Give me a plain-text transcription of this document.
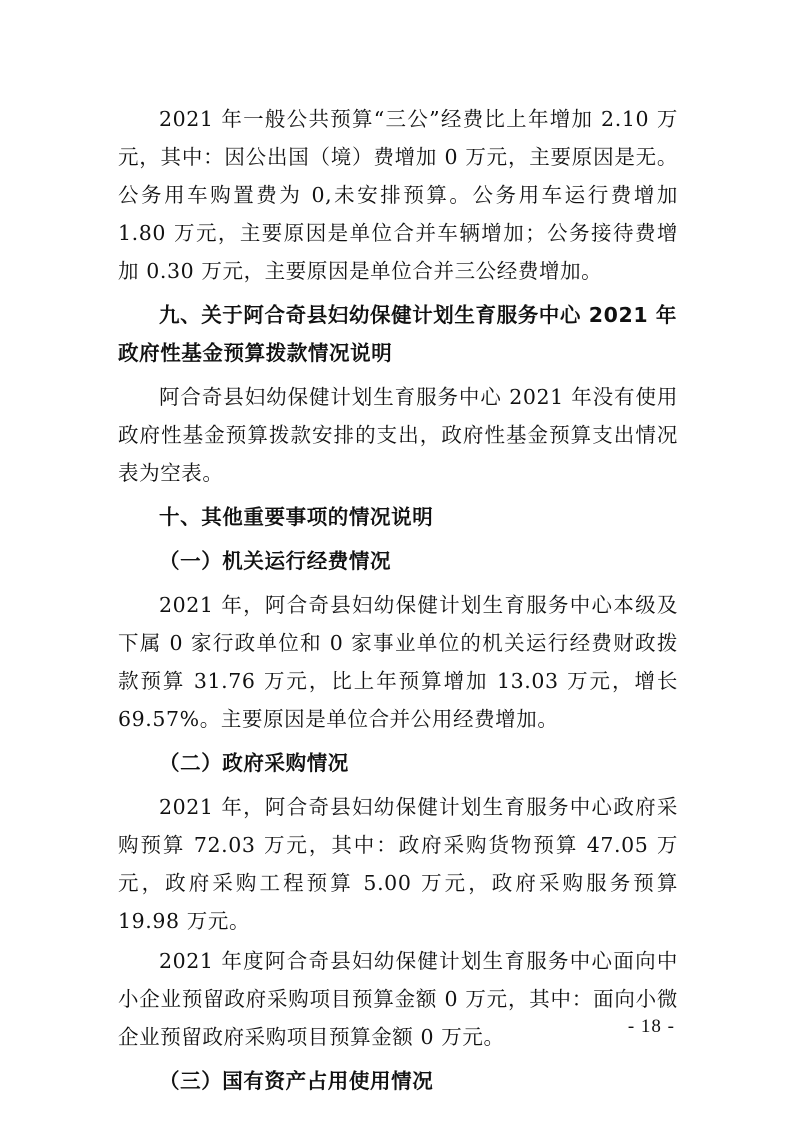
2021 年一般公共预算“三公”经费比上年增加 2.10 万元，其中：因公出国（境）费增加 0 万元，主要原因是无。公务用车购置费为 0,未安排预算。公务用车运行费增加 1.80 万元，主要原因是单位合并车辆增加；公务接待费增加 0.30 万元，主要原因是单位合并三公经费增加。

九、关于阿合奇县妇幼保健计划生育服务中心 2021 年政府性基金预算拨款情况说明

阿合奇县妇幼保健计划生育服务中心 2021 年没有使用政府性基金预算拨款安排的支出，政府性基金预算支出情况表为空表。

十、其他重要事项的情况说明

（一）机关运行经费情况

2021 年，阿合奇县妇幼保健计划生育服务中心本级及下属 0 家行政单位和 0 家事业单位的机关运行经费财政拨款预算 31.76 万元，比上年预算增加 13.03 万元，增长 69.57%。主要原因是单位合并公用经费增加。

（二）政府采购情况

2021 年，阿合奇县妇幼保健计划生育服务中心政府采购预算 72.03 万元，其中：政府采购货物预算 47.05 万元，政府采购工程预算 5.00 万元，政府采购服务预算 19.98 万元。

2021 年度阿合奇县妇幼保健计划生育服务中心面向中小企业预留政府采购项目预算金额 0 万元，其中：面向小微企业预留政府采购项目预算金额 0 万元。

（三）国有资产占用使用情况

- 18 -
